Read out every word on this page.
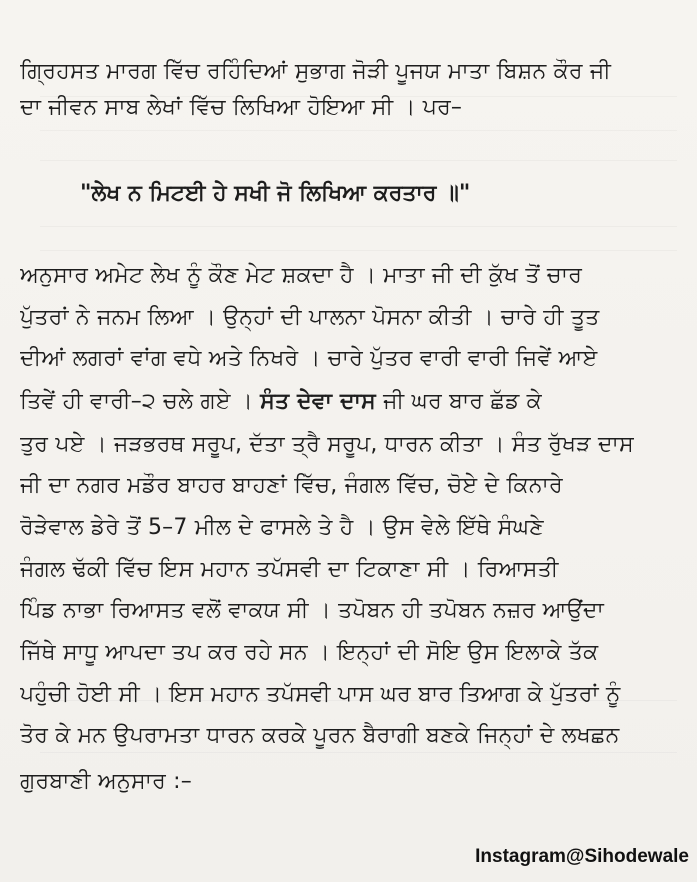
ਗ੍ਰਿਹਸਤ ਮਾਰਗ ਵਿੱਚ ਰਹਿੰਦਿਆਂ ਸੁਭਾਗ ਜੋੜੀ ਪੂਜਯ ਮਾਤਾ ਬਿਸ਼ਨ ਕੌਰ ਜੀ
ਦਾ ਜੀਵਨ ਸਾਬ ਲੇਖਾਂ ਵਿੱਚ ਲਿਖਿਆ ਹੋਇਆ ਸੀ । ਪਰ–
"ਲੇਖ ਨ ਮਿਟਈ ਹੇ ਸਖੀ ਜੋ ਲਿਖਿਆ ਕਰਤਾਰ ॥"
ਅਨੁਸਾਰ ਅਮੇਟ ਲੇਖ ਨੂੰ ਕੌਣ ਮੇਟ ਸ਼ਕਦਾ ਹੈ । ਮਾਤਾ ਜੀ ਦੀ ਕੁੱਖ ਤੋਂ ਚਾਰ
ਪੁੱਤਰਾਂ ਨੇ ਜਨਮ ਲਿਆ । ਉਨ੍ਹਾਂ ਦੀ ਪਾਲਨਾ ਪੋਸਨਾ ਕੀਤੀ । ਚਾਰੇ ਹੀ ਤੂਤ
ਦੀਆਂ ਲਗਰਾਂ ਵਾਂਗ ਵਧੇ ਅਤੇ ਨਿਖਰੇ । ਚਾਰੇ ਪੁੱਤਰ ਵਾਰੀ ਵਾਰੀ ਜਿਵੇਂ ਆਏ
ਤਿਵੇਂ ਹੀ ਵਾਰੀ–੨ ਚਲੇ ਗਏ । ਸੰਤ ਦੇਵਾ ਦਾਸ ਜੀ ਘਰ ਬਾਰ ਛੱਡ ਕੇ
ਤੁਰ ਪਏ । ਜੜਭਰਥ ਸਰੂਪ, ਦੱਤਾ ਤ੍ਰੈ ਸਰੂਪ, ਧਾਰਨ ਕੀਤਾ । ਸੰਤ ਰੁੱਖੜ ਦਾਸ
ਜੀ ਦਾ ਨਗਰ ਮਡੌਰ ਬਾਹਰ ਬਾਹਣਾਂ ਵਿੱਚ, ਜੰਗਲ ਵਿੱਚ, ਚੋਏ ਦੇ ਕਿਨਾਰੇ
ਰੋੜੇਵਾਲ ਡੇਰੇ ਤੋਂ 5–7 ਮੀਲ ਦੇ ਫਾਸਲੇ ਤੇ ਹੈ । ਉਸ ਵੇਲੇ ਇੱਥੇ ਸੰਘਣੇ
ਜੰਗਲ ਢੱਕੀ ਵਿੱਚ ਇਸ ਮਹਾਨ ਤਪੱਸਵੀ ਦਾ ਟਿਕਾਣਾ ਸੀ । ਰਿਆਸਤੀ
ਪਿੰਡ ਨਾਭਾ ਰਿਆਸਤ ਵਲੋਂ ਵਾਕਯ ਸੀ । ਤਪੋਬਨ ਹੀ ਤਪੋਬਨ ਨਜ਼ਰ ਆਉਂਦਾ
ਜਿੱਥੇ ਸਾਧੂ ਆਪਦਾ ਤਪ ਕਰ ਰਹੇ ਸਨ । ਇਨ੍ਹਾਂ ਦੀ ਸੋਇ ਉਸ ਇਲਾਕੇ ਤੱਕ
ਪਹੁੰਚੀ ਹੋਈ ਸੀ । ਇਸ ਮਹਾਨ ਤਪੱਸਵੀ ਪਾਸ ਘਰ ਬਾਰ ਤਿਆਗ ਕੇ ਪੁੱਤਰਾਂ ਨੂੰ
ਤੋਰ ਕੇ ਮਨ ਉਪਰਾਮਤਾ ਧਾਰਨ ਕਰਕੇ ਪੂਰਨ ਬੈਰਾਗੀ ਬਣਕੇ ਜਿਨ੍ਹਾਂ ਦੇ ਲਖਛਨ
ਗੁਰਬਾਣੀ ਅਨੁਸਾਰ :–
Instagram@Sihodewale
